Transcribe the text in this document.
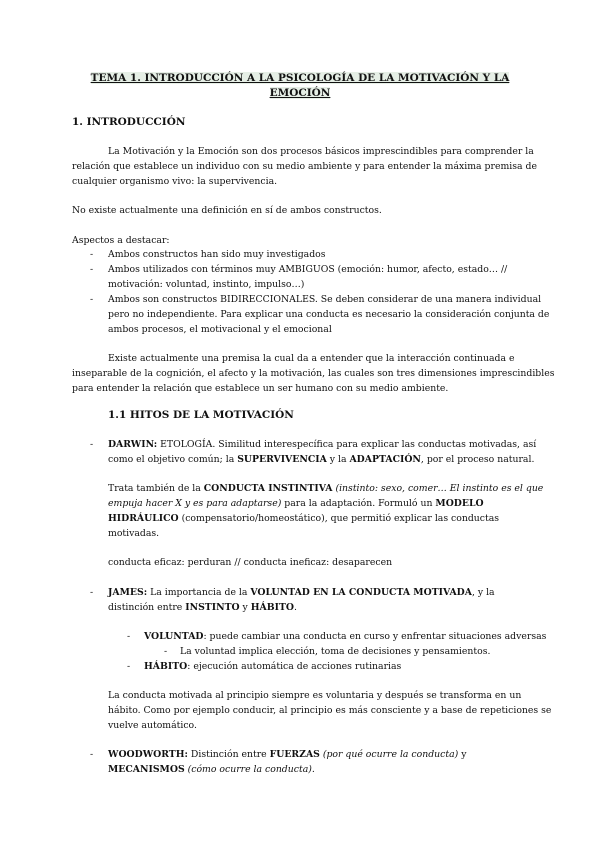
TEMA 1. INTRODUCCIÓN A LA PSICOLOGÍA DE LA MOTIVACIÓN Y LA EMOCIÓN
1. INTRODUCCIÓN
La Motivación y la Emoción son dos procesos básicos imprescindibles para comprender la
relación que establece un individuo con su medio ambiente y para entender la máxima premisa de
cualquier organismo vivo: la supervivencia.
No existe actualmente una definición en sí de ambos constructos.
Aspectos a destacar:
- Ambos constructos han sido muy investigados
- Ambos utilizados con términos muy AMBIGUOS (emoción: humor, afecto, estado… //
motivación: voluntad, instinto, impulso…)
- Ambos son constructos BIDIRECCIONALES. Se deben considerar de una manera individual
pero no independiente. Para explicar una conducta es necesario la consideración conjunta de
ambos procesos, el motivacional y el emocional
Existe actualmente una premisa la cual da a entender que la interacción continuada e
inseparable de la cognición, el afecto y la motivación, las cuales son tres dimensiones imprescindibles
para entender la relación que establece un ser humano con su medio ambiente.
1.1 HITOS DE LA MOTIVACIÓN
- DARWIN: ETOLOGÍA. Similitud interespecífica para explicar las conductas motivadas, así
como el objetivo común; la SUPERVIVENCIA y la ADAPTACIÓN, por el proceso natural.
Trata también de la CONDUCTA INSTINTIVA (instinto: sexo, comer… El instinto es el que
empuja hacer X y es para adaptarse) para la adaptación. Formuló un MODELO
HIDRÁULICO (compensatorio/homeostático), que permitió explicar las conductas
motivadas.
conducta eficaz: perduran // conducta ineficaz: desaparecen
- JAMES: La importancia de la VOLUNTAD EN LA CONDUCTA MOTIVADA, y la
distinción entre INSTINTO y HÁBITO.
- VOLUNTAD: puede cambiar una conducta en curso y enfrentar situaciones adversas
- La voluntad implica elección, toma de decisiones y pensamientos.
- HÁBITO: ejecución automática de acciones rutinarias
La conducta motivada al principio siempre es voluntaria y después se transforma en un
hábito. Como por ejemplo conducir, al principio es más consciente y a base de repeticiones se
vuelve automático.
- WOODWORTH: Distinción entre FUERZAS (por qué ocurre la conducta) y
MECANISMOS (cómo ocurre la conducta).
